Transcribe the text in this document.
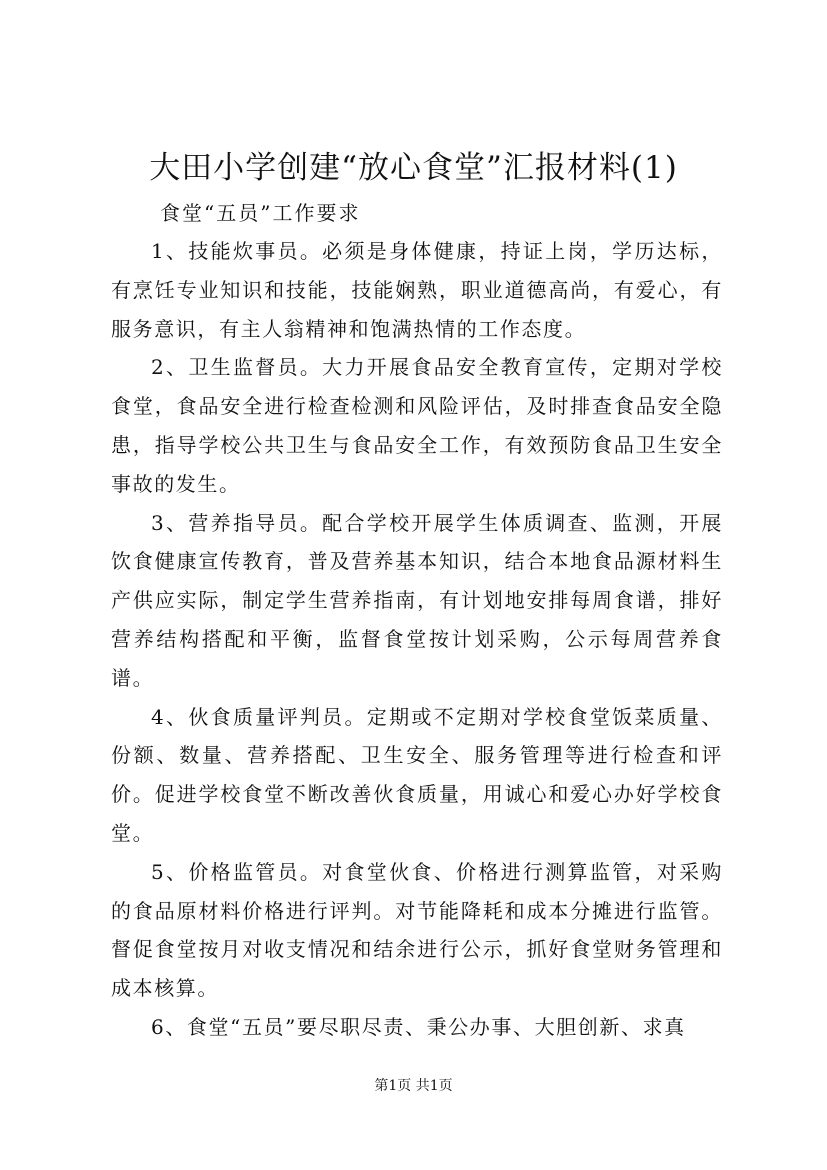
大田小学创建“放心食堂”汇报材料(1)

食堂“五员”工作要求

1、技能炊事员。必须是身体健康，持证上岗，学历达标，有烹饪专业知识和技能，技能娴熟，职业道德高尚，有爱心，有服务意识，有主人翁精神和饱满热情的工作态度。

2、卫生监督员。大力开展食品安全教育宣传，定期对学校食堂，食品安全进行检查检测和风险评估，及时排查食品安全隐患，指导学校公共卫生与食品安全工作，有效预防食品卫生安全事故的发生。

3、营养指导员。配合学校开展学生体质调查、监测，开展饮食健康宣传教育，普及营养基本知识，结合本地食品源材料生产供应实际，制定学生营养指南，有计划地安排每周食谱，排好营养结构搭配和平衡，监督食堂按计划采购，公示每周营养食谱。

4、伙食质量评判员。定期或不定期对学校食堂饭菜质量、份额、数量、营养搭配、卫生安全、服务管理等进行检查和评价。促进学校食堂不断改善伙食质量，用诚心和爱心办好学校食堂。

5、价格监管员。对食堂伙食、价格进行测算监管，对采购的食品原材料价格进行评判。对节能降耗和成本分摊进行监管。督促食堂按月对收支情况和结余进行公示，抓好食堂财务管理和成本核算。

6、食堂“五员”要尽职尽责、秉公办事、大胆创新、求真

第1页 共1页
